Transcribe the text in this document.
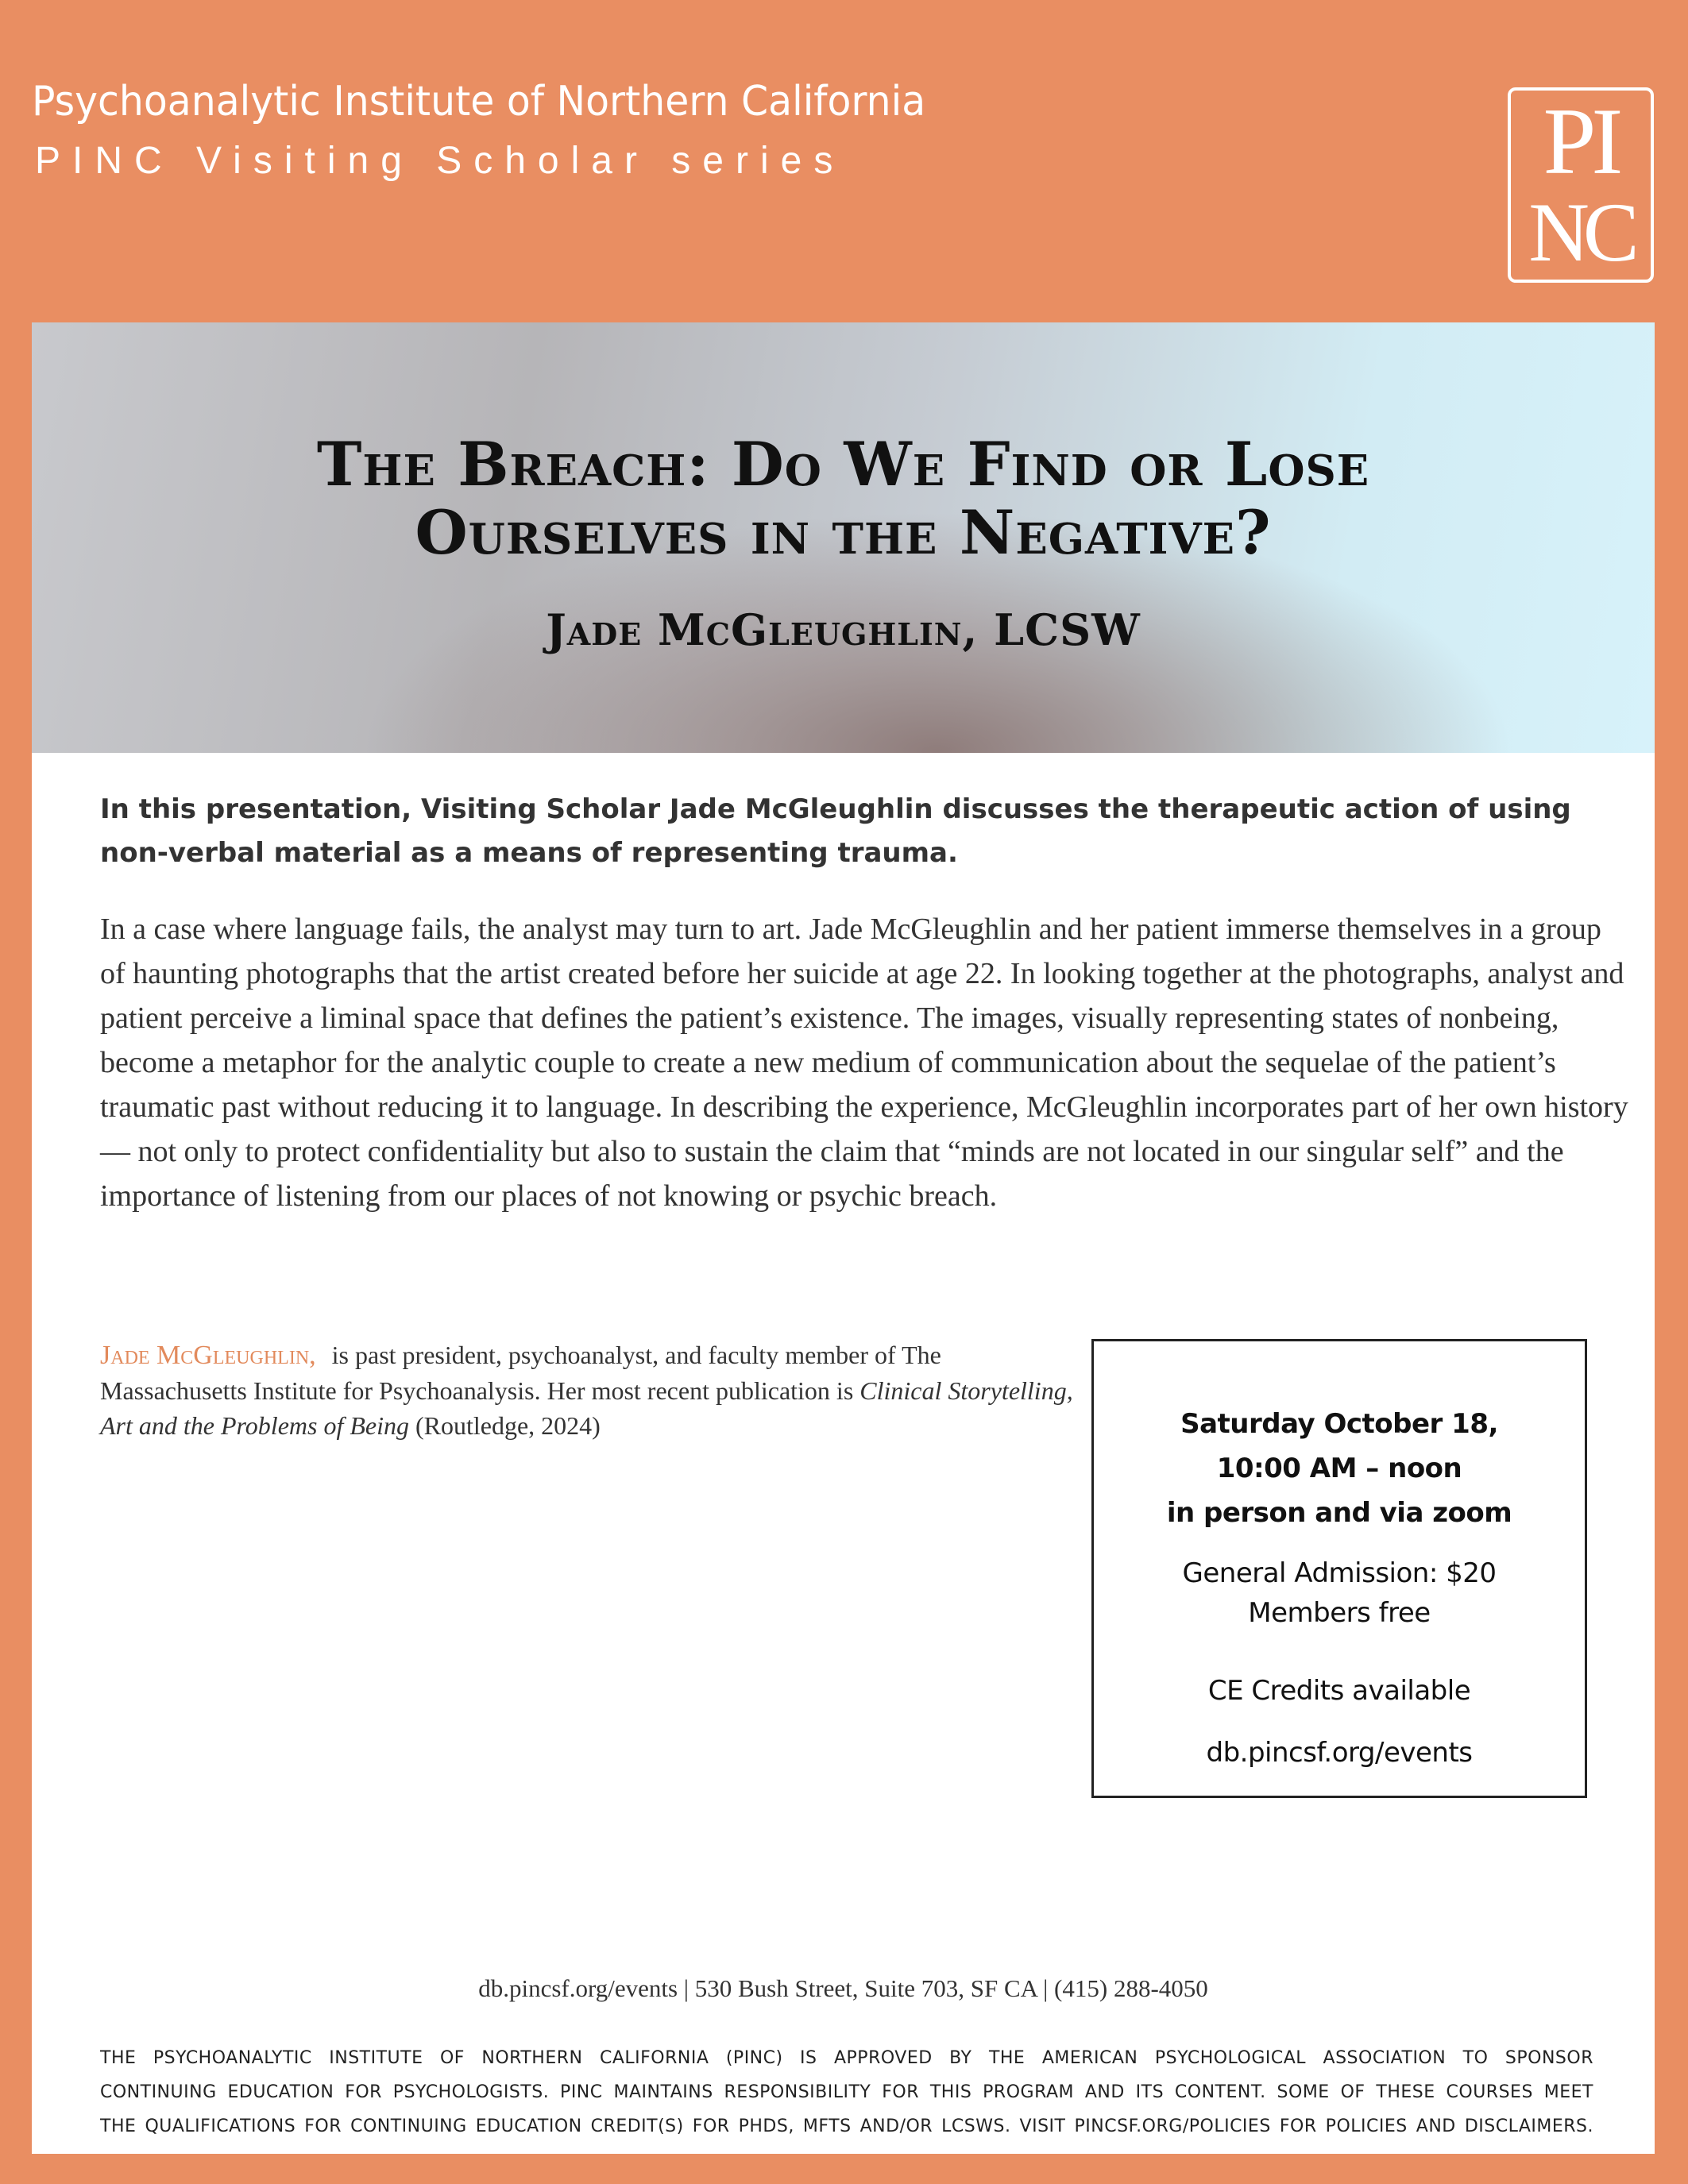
Psychoanalytic Institute of Northern California
PINC Visiting Scholar series	PI
NC
The Breach: Do We Find or Lose
Ourselves in the Negative?
Jade McGleughlin, LCSW
In this presentation, Visiting Scholar Jade McGleughlin discusses the therapeutic action of using non-verbal material as a means of representing trauma.
In a case where language fails, the analyst may turn to art. Jade McGleughlin and her patient immerse themselves in a group of haunting photographs that the artist created before her suicide at age 22. In looking together at the photographs, analyst and patient perceive a liminal space that defines the patient’s existence. The images, visually representing states of nonbeing, become a metaphor for the analytic couple to create a new medium of communication about the sequelae of the patient’s traumatic past without reducing it to language. In describing the experience, McGleughlin incorporates part of her own history — not only to protect confidentiality but also to sustain the claim that “minds are not located in our singular self” and the importance of listening from our places of not knowing or psychic breach.
Jade McGleughlin, is past president, psychoanalyst, and faculty member of The Massachusetts Institute for Psychoanalysis. Her most recent publication is Clinical Storytelling, Art and the Problems of Being (Routledge, 2024)	Saturday October 18,
10:00 AM – noon
in person and via zoom
General Admission: $20
Members free
CE Credits available
db.pincsf.org/events
db.pincsf.org/events | 530 Bush Street, Suite 703, SF CA | (415) 288-4050
THE PSYCHOANALYTIC INSTITUTE OF NORTHERN CALIFORNIA (PINC) IS APPROVED BY THE AMERICAN PSYCHOLOGICAL ASSOCIATION TO SPONSOR
CONTINUING EDUCATION FOR PSYCHOLOGISTS. PINC MAINTAINS RESPONSIBILITY FOR THIS PROGRAM AND ITS CONTENT. SOME OF THESE COURSES MEET
THE QUALIFICATIONS FOR CONTINUING EDUCATION CREDIT(S) FOR PHDS, MFTS AND/OR LCSWS. VISIT PINCSF.ORG/POLICIES FOR POLICIES AND DISCLAIMERS.
